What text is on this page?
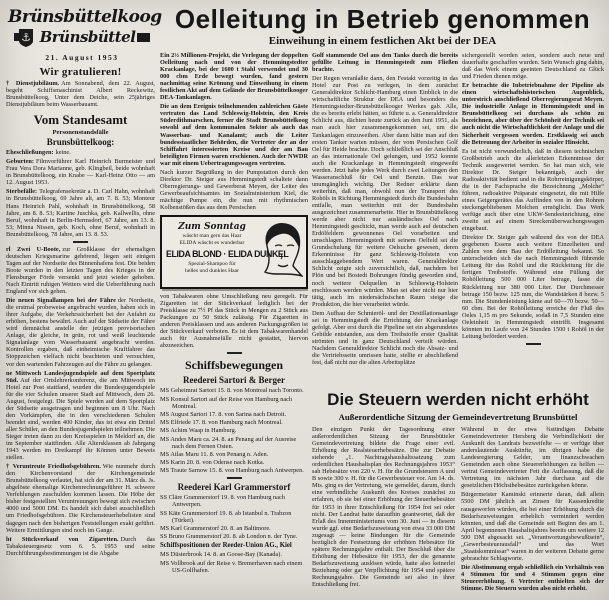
Brünsbüttelkoog
⚓ Brünsbüttel
21. August 1953
Oelleitung in Betrieb genommen
Einweihung in einem festlichen Akt bei der DEA
Wir gratulieren!

† Dienstjubiläum. Am Sonnabend, dem 22. August, begeht Schiffsmaschinist Albert Reckewitz, Brunsbüttelkoog, Unter dem Deiche, sein 25jähriges Dienstjubiläum beim Wasserbauamt.

Vom Standesamt
Personenstandsfälle
Brunsbüttelkoog:

Eheschließungen: keine.

Geburten: Filmvorführer Karl Heinrich Burmeister und Frau Vera Dora Marianne, geb. Klingbeil, beide wohnhaft in Brunsbüttelkoog, ein Knabe — Karl-Heinz Otto — am 12. August 1953.

Sterbefälle: Telegrafensekretär a. D. Carl Hahn, wohnhaft in Brunsbüttelkoog, 69 Jahre alt, am 7. 8. 53; Monteur Hans Heinrich Pahl, wohnhaft in Brunsbüttelkoog, 58 Jahre, am 8. 8. 53; Kartine Juschka, geb. Kallwellis, ohne Beruf, wohnhaft in Berlin-Hermsdorf, 67 Jahre, am 13. 8. 53; Minna Nissen, geb. Koch, ohne Beruf, wohnhaft in Brunsbüttelkoog, 78 Jahre, am 13. 8. 53.

rl Zwei U-Boote, zur Großklasse der ehemaligen deutschen Kriegsmarine gehörend, liegen seit einigen Tagen auf der Nordseite des Binnenhafens fest. Die beiden Boote wurden in den letzten Tagen des Krieges in der Flensburger Förde versenkt und jetzt wieder gehoben. Nach Eintritt ruhigen Wetters wird die Ueberführung nach England vor sich gehen.

Die neuen Signallampen bei der Fähre der Nordseite, die erstmal probeweise angebracht wurden, haben sich in ihrer Aufgabe, die Verkehrssicherheit bei der Anfahrt zu erhöhen, bestens bewährt. Auch auf der Südseite der Fähre wird demnächst anstelle der jetzigen provisorischen Anlage, die gleiche, in grün, rot und weiß leuchtende Signalanlage vom Wasserbauamt angebracht werden. Kontrollen ergaben, daß einheimische Kraftfahrer das Stoppzeichen vielfach nicht beachteten und versuchten, vor den wartenden Fahrzeugen auf die Fähre zu gelangen.

ne Mittwoch Landesjugendspiele auf dem Sportplatz Süd. Auf der Ortslehrerkonferenz, die am Mittwoch im Hotel zur Post stattfand, wurden die Bundesjugendspiele für die vier Schulen unserer Stadt auf Mittwoch, dem 26. August, festgelegt. Die Spiele werden auf dem Sportplatz der Südseite ausgetragen und beginnen um 8 Uhr. Nach den Vorkämpfen, die in den verschiedenen Schulen beendet sind, werden 400 Kinder, das ist etwa ein Drittel aller Schüler, an den Bundesjugendspielen teilnehmen. Die Sieger treten dann zu den Kreisspielen in Meldorf an, die im September stattfinden. Alle Altersklassen ab Jahrgang 1943 werden im Dreikampf ihr Können unter Beweis stellen.

† Veruntreute Friedhofsgebühren. Wie nunmehr durch den Kirchenvorstand der Kirchengemeinde Brunsbüttelkoog verlautet, hat sich der am 31. März ds. Js. abgelöste ehemalige Kirchenrechnungsführer H. schwere Verfehlungen zuschulden kommen lassen. Die Höhe der bisher festgestellten Veruntreuungen bewegt sich zwischen 4000 und 5000 DM. Es handelt sich dabei ausschließlich um Friedhofsgebühren. Die Kirchensteuerhebelisten sind dagegen nach den bisherigen Feststellungen exakt geführt. Weitere Ermittlungen sind noch im Gange.

ht Stückverkauf von Zigaretten. Durch das Tabaksteuergesetz vom 6. 5. 1953 und seine Durchführungsbestimmungen ist die Abgabe

Ein 2½ Millionen-Projekt, die Verlegung der doppelten Oelleitung nach und von der Hemmingstedter Krackanlage, bei der 1600 t Stahl verwendet und 30 000 cbm Erde bewegt wurden, fand gestern nachmittag seine Krönung und Einweihung in einem festlichen Akt auf dem Gelände der Brunsbüttelkooger DEA-Tankanlagen.

Die an dem Ereignis teilnehmenden zahlreichen Gäste vertraten das Land Schleswig-Holstein, den Kreis Süderdithmarschen, ferner die Stadt Brunsbüttelkoog sowohl auf dem kommunalen Sektor als auch das Wasserbau- und Kanalamt; auch die Leiter bundesstaatlicher Behörden, die Vertreter der an der Schiffahrt interessierten Kreise und der am Bau beteiligten Firmen waren erschienen. Auch der NWDR war mit einem Uebertragungswagen vertreten.

Nach kurzer Begrüßung in der Pumpstation durch den Direktor Dr. Steiger aus Hemmingstedt schaltete dann Oberregierungs- und Gewerberat Meyen, der Leiter des Gewerbeaufsichtsamtes im Sozialministerium Kiel, die mächtige Pumpe ein, die nun mit rhythmischen Kolbenstößen das aus dem Persischen

Zum Sonntag
wäscht man gern das Haar
ELIDA wäscht es wunderbar
ELIDA BLOND · ELIDA DUNKEL
Spezial-Shampoo für
helles und dunkles Haar

von Tabakwaren ohne Umschließung neu geregelt. Für Zigaretten ist der Stückverkauf lediglich bei der Preisklasse zu 7½ Pf das Stück in Mengen zu 2 Stück aus Packungen zu 50 Stück zulässig. Für Zigaretten in anderen Preisklassen und aus anderen Packungsgrößen ist der Stückverkauf verboten. Es ist dem Tabakwarenhandel auch für Ausnahmefälle nicht gestattet, hiervon abzuweichen.

Schiffsbewegungen
Reederei Sartori & Berger

MS Geheimrat Sartori 15. 8. von Montreal nach Toronto.

MS Konsul Sartori auf der Reise von Hamburg nach Montreal.

MS August Sartori 17. 8. von Sarina nach Detroit.

MS Elfriede 17. 8. von Hamburg nach Montreal.

MS Achim Waap in Hamburg.

MS Andes Maru ca. 24. 8. an Penang auf der Ausreise nach dem Fernen Osten.

MS Atlas Maru 11. 8. von Penang n. Aden.

MS Karin 20. 8. von Odense nach Kotka.

MS Traute Sarnow 15. 8. von Hamburg nach Antwerpen.

Reederei Karl Grammerstorf

SS Cläre Grammerstorf 19. 8. von Hamburg nach Antwerpen.

SS Käte Grammerstorf 19. 8. ab Istanbul n. Trabzon (Türkei).

MS Karl Grammerstorf 20. 8. an Baltimore.

SS Bruno Grammerstorf 20. 8. ab London n. der Tyne.

Schiffspositionen der Reeder-Union AG., Kiel

MS Düsterbrook 14. 8. an Goose-Bay (Kanada).

MS Vollbrook auf der Reise v. Bremerhaven nach einem US-Golfhafen.

Golf stammende Oel aus den Tanks durch die bereits gefüllte Leitung in Hemmingstedt zum Fließen brachte.

Der Regen veranlaßte dann, den Festakt vorzeitig in das Hotel zur Post zu verlegen, in dem zunächst Generaldirektor Schlicht-Hamburg einen Einblick in die wirtschaftliche Struktur der DEA und besonders des Hemmingstedter-Brunsbüttelkooger Werkes gab. Alle, die es bereits erlebt hätten, so führte u. a. Generaldirektor Schlicht aus, dächten heute zurück an den Juni 1951, als man auch hier zusammengekommen sei, um die Tankanlagen einzuweihen. Aber dann hätte man auf den ersten Tanker warten müssen, der vom Persischen Golf Oel für Heide brachte. Doch schließlich sei der Anschluß an das internationale Oel gelungen, und 1952 konnte auch die Krackanlage in Hemmingstedt eingeweiht werden. Jetzt habe jedes Werk durch zwei Leitungen den Wasseranschluß für Oel und Benzin. Das war unumgänglich wichtig. Der Redner erklärte dann weiterhin, daß man, obwohl nun der Transport des Rohöls in Richtung Hemmingstedt durch die Bundesbahn entfalle, man weiterhin mit der Bundesbahn ausgezeichnet zusammenarbeite. Hier in Brunsbüttelkoog werde aber nicht nur ausländisches Oel nach Hemmingstedt geschickt, man werde auch auf deutschen Erdölfeldern gewonnenes Oel vorarbeiten und umschlagen. Hemmingstedt mit seinem Oelfeld sei die Grundschulung für weitere Oelsuche gewesen, deren Erkenntnisse für ganz Schleswig-Holstein von ausschlaggebendem Wert waren. Generaldirektor Schlicht zeigte sich zuversichtlich, daß, nachdem bei Plön und bei Bostedt Bohrungen fündig geworden sind, noch weitere Oelquellen in Schleswig-Holstein erschlossen werden würden. Man sei aber nicht nur hier tätig, auch im niedersächsischen Raum steige die Produktion, die hier verarbeitet würde.

Dem Aufbau der Schmieröl- und der Destillationsanlage sei in Hemmingstedt die Errichtung der Krackanlage gefolgt. Aber erst durch die Pipeline sei ein abgerundetes Gebilde entstanden, aus dem Treibstoffe erster Qualität strömten und in ganz Deutschland verteilt würden. Nachdem Generaldirektor Schlicht noch die Absatz- und die Vertriebsseite umrissen hatte, stellte er abschließend fest, daß nicht nur die alten Arbeitsplätze

sichergestellt worden seien, sondern auch neue und dauerhafte geschaffen wurden. Sein Wunsch ging dahin, daß das Werk einem geeinten Deutschland zu Glück und Frieden dienen möge.

Er betrachte die Inbetriebnahme der Pipeline als einen wirtschaftshistorischen Augenblick, unterstrich anschließend Oberregierungsrat Meyen. Die industrielle Anlage in Hemmingstedt und in Brunsbüttelkoog sei durchaus als schön zu bezeichnen, aber über der Schönheit der Technik sei auch nicht die Wirtschaftlichkeit der Anlage und die Sicherheit vergessen worden. Erstklassig sei auch die Betreuung der Arbeiter in sozialer Hinsicht.

Es ist nicht verwunderlich, daß in diesem technischen Großbetrieb auch die allerletzten Erkenntnisse der Technik ausgewertet werden. So hat man sich, wie Direktor Dr. Steiger bekanntgab, auch der Radioaktivität bedient und in die Rohrreinigungskörper, die in der Fachsprache die Bezeichnung „Molche“ führen, radioaktive Präparate eingesetzt, die mit Hilfe eines Geigergerätes das Auffinden von in den Rohren steckengebliebenen Molchen ermöglicht. Das Werk verfüge auch über eine UKW-Sendeeinrichtung, eine zweite sei auf einem Streckenüberwachungswagen eingebaut.

Direktor Dr. Steiger gab während des von der DEA gegebenen Essens auch weitere Einzelheiten und Zahlen von dem Bau der Erdölleitung bekannt. So unterscheiden sich die nach Hemmingstedt führende Leitung für das Rohöl und die Rückleitung für die fertigen Treibstoffe. Während eine Füllung der Rohölleitung 500 000 Liter betrage, fasse die Rückleitung nur 380 000 Liter. Der Durchmesser betrage 150 bezw. 125 mm, die Wandstärken 8 bezw. 5 mm. Die Stundenleistung käme auf 60—70 bezw. 50—60 cbm. Bei der Rohölleitung erreiche der Fluß des Oeles 1,15 m pro Sekunde, sodaß in 7,5 Stunden eine Oeleinheit in Hemmingstedt eintrifft. Insgesamt könnten im Laufe von 24 Stunden 1500 t Rohöl in der Leitung befördert werden.

Die Steuern werden nicht erhöht
Außerordentliche Sitzung der Gemeindevertretung Brunsbüttel

Den einzigen Punkt der Tagesordnung einer außerordentlichen Sitzung der Brunsbütteler Gemeindevertretung bildete die Frage einer evtl. Erhöhung der Realsteuerhebesätze. Die zur Debatte stehende „1. Nachtragshaushaltssatzung zum ordentlichen Haushaltsplan des Rechnungsjahres 1953“ sah Hebesätze von 220 v. H. für die Grundsteuern A und B sowie 300 v. H. für die Gewerbesteuer vor. Am 14. ds. Mts. ging es der Vertretung, wie gemeldet, darum, durch eine verbindliche Auskunft des Kreises zunächst zu erfahren, ob sie bei einer Erhöhung der Steuerhebesätze für 1953 in ihrer Entschließung für 1954 frei sei oder nicht. Der Landrat hatte daraufhin geantwortet, daß der Erlaß des Innenministeriums vom 30. Juni — in diesem wurde ggf. eine Bedarfszuweisung von etwa 33 000 DM zugesagt — keine Bindungen für die Gemeinde bezüglich der Festsetzung der erhöhten Hebesätze für spätere Rechnungsjahre enthält. Der Beschluß über die Erhöhung der Hebesätze für 1953, der die genannte Bedarfszuweisung auslösen würde, hatte also keinerlei Beziehung oder gar Verpflichtung für 1954 und spätere Rechnungsjahre. Die Gemeinde sei also in ihrer Entschließung frei.

Während in der etwa ¾stündigen Debatte Gemeindevertreter Hersberg die Verbindlichkeit der Auskunft des Landrats bezweifelte — er verfüge über anderslautende Auskünfte, im übrigen habe die Landesregierung Gelder, um finanzschwachen Gemeinden auch ohne Steuererhöhungen zu helfen — vertrat Gemeindevertreter Fett die Auffassung, daß die Vertretung im nächsten Jahr durchaus auf die gesetzlichen Höchsthebesätze zurückgehen könne.

Bürgermeister Kaminski erinnerte daran, daß allein 5500 DM jährlich an Zinsen für Kassenkredite rausgeworfen würden, die bei einer Erhöhung durch die Bedarfszuweisungen erheblich vermindert werden könnten, und daß die Gemeinde seit Beginn des am 1. April begonnenen Haushaltsjahres bereits um weitere 12 500 DM abgesackt sei. „Verantwortungsbewußtsein“, „Gewerbesteuerausfall“ und das Wort „Staatskommissar“ waren in der weiteren Debatte gerne gebrauchte Schlagworte.

Die Abstimmung ergab schließlich ein Verhältnis von 4 Stimmen für und 4 Stimmen gegen eine Steuererhöhung. 6 Vertreter enthielten sich der Stimme. Die Steuern wurden also nicht erhöht.
